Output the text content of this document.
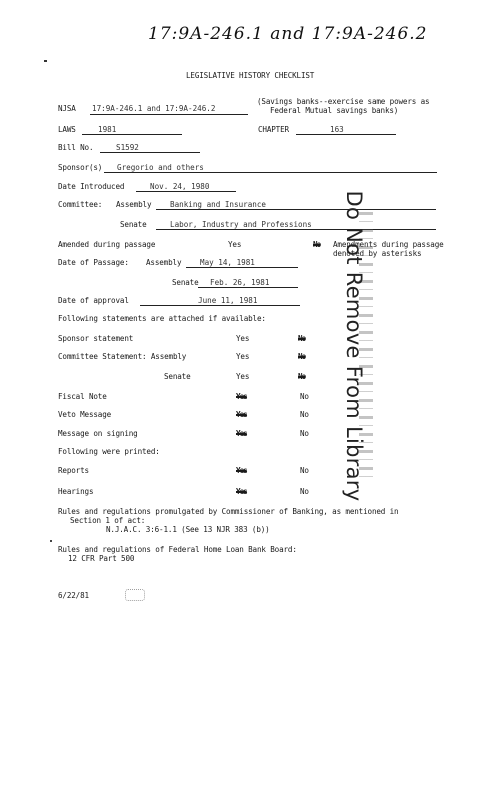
17:9A-246.1 and 17:9A-246.2
LEGISLATIVE HISTORY CHECKLIST
NJSA 17:9A-246.1 and 17:9A-246.2
(Savings banks--exercise same powers as
Federal Mutual savings banks)
LAWS	1981	CHAPTER	163
Bill No.	S1592
Sponsor(s) Gregorio and others
Date Introduced	Nov. 24, 1980
Committee: Assembly Banking and Insurance
Senate	Labor, Industry and Professions
Amended during passage	Yes	No Amendments during passage
denoted by asterisks
Date of Passage: Assembly May 14, 1981
Senate Feb. 26, 1981
Date of approval	June 11, 1981
Following statements are attached if available:
Sponsor statement	Yes	No
Committee Statement: Assembly	Yes	No
Senate	Yes	No
Fiscal Note	Yes	No
Veto Message	Yes	No
Message on signing	Yes	No
Following were printed:
Reports	Yes	No
Hearings	Yes	No
Rules and regulations promulgated by Commissioner of Banking, as mentioned in
Section 1 of act:
N.J.A.C. 3:6-1.1 (See 13 NJR 383 (b))
Rules and regulations of Federal Home Loan Bank Board:
12 CFR Part 500
6/22/81
Do Not Remove From Library
